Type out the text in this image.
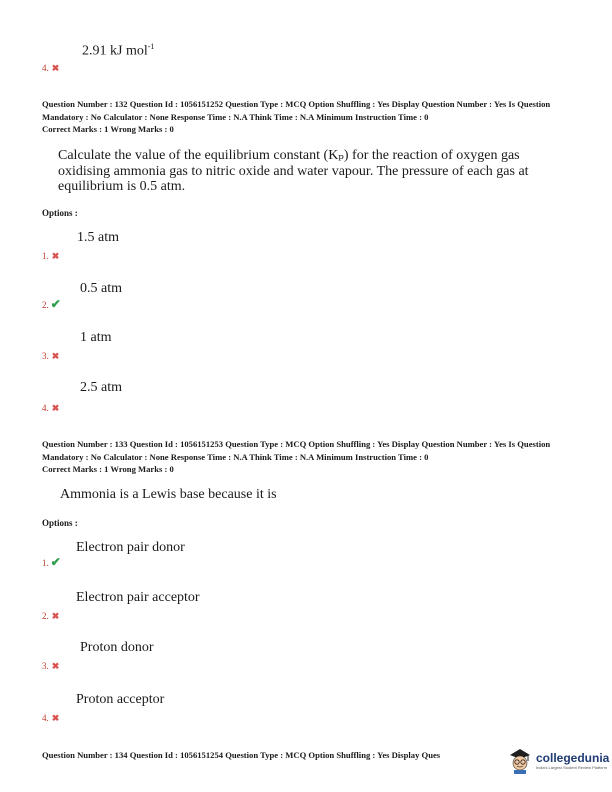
2.91 kJ mol$^{-1}$
4. ✖
Question Number : 132 Question Id : 1056151252 Question Type : MCQ Option Shuffling : Yes Display Question Number : Yes Is Question Mandatory : No Calculator : None Response Time : N.A Think Time : N.A Minimum Instruction Time : 0
Correct Marks : 1 Wrong Marks : 0
Calculate the value of the equilibrium constant (Kₚ) for the reaction of oxygen gas oxidising ammonia gas to nitric oxide and water vapour. The pressure of each gas at equilibrium is 0.5 atm.
Options :
1.5 atm
1. ✖
0.5 atm
2. ✔
1 atm
3. ✖
2.5 atm
4. ✖
Question Number : 133 Question Id : 1056151253 Question Type : MCQ Option Shuffling : Yes Display Question Number : Yes Is Question Mandatory : No Calculator : None Response Time : N.A Think Time : N.A Minimum Instruction Time : 0
Correct Marks : 1 Wrong Marks : 0
Ammonia is a Lewis base because it is
Options :
Electron pair donor
1. ✔
Electron pair acceptor
2. ✖
Proton donor
3. ✖
Proton acceptor
4. ✖
Question Number : 134 Question Id : 1056151254 Question Type : MCQ Option Shuffling : Yes Display Ques	collegedunia
India's Largest Student Review Platform
